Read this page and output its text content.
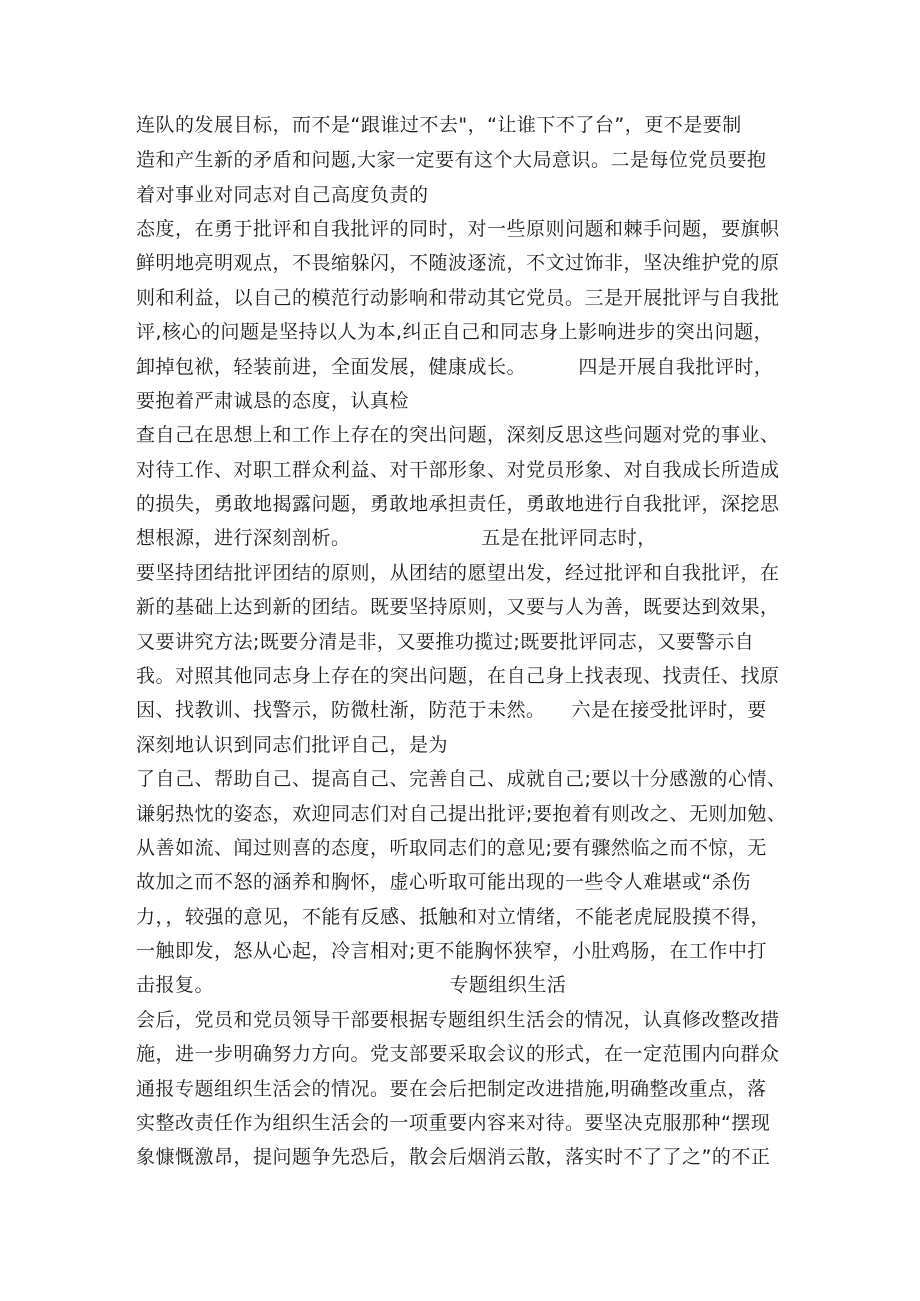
连队的发展目标，而不是“跟谁过不去"，“让谁下不了台”，更不是要制
造和产生新的矛盾和问题,大家一定要有这个大局意识。二是每位党员要抱
着对事业对同志对自己高度负责的
态度，在勇于批评和自我批评的同时，对一些原则问题和棘手问题，要旗帜
鲜明地亮明观点，不畏缩躲闪，不随波逐流，不文过饰非，坚决维护党的原
则和利益，以自己的模范行动影响和带动其它党员。三是开展批评与自我批
评,核心的问题是坚持以人为本,纠正自己和同志身上影响进步的突出问题，
卸掉包袱，轻装前进，全面发展，健康成长。        四是开展自我批评时，
要抱着严肃诚恳的态度，认真检
查自己在思想上和工作上存在的突出问题，深刻反思这些问题对党的事业、
对待工作、对职工群众利益、对干部形象、对党员形象、对自我成长所造成
的损失，勇敢地揭露问题，勇敢地承担责任，勇敢地进行自我批评，深挖思
想根源，进行深刻剖析。                    五是在批评同志时，
要坚持团结批评团结的原则，从团结的愿望出发，经过批评和自我批评，在
新的基础上达到新的团结。既要坚持原则，又要与人为善，既要达到效果，
又要讲究方法;既要分清是非，又要推功揽过;既要批评同志，又要警示自
我。对照其他同志身上存在的突出问题，在自己身上找表现、找责任、找原
因、找教训、找警示，防微杜渐，防范于未然。    六是在接受批评时，要
深刻地认识到同志们批评自己，是为
了自己、帮助自己、提高自己、完善自己、成就自己;要以十分感激的心情、
谦躬热忱的姿态，欢迎同志们对自己提出批评;要抱着有则改之、无则加勉、
从善如流、闻过则喜的态度，听取同志们的意见;要有骤然临之而不惊，无
故加之而不怒的涵养和胸怀，虚心听取可能出现的一些令人难堪或“杀伤
力，，较强的意见，不能有反感、抵触和对立情绪，不能老虎屁股摸不得，
一触即发，怒从心起，冷言相对;更不能胸怀狭窄，小肚鸡肠，在工作中打
击报复。                                    专题组织生活
会后，党员和党员领导干部要根据专题组织生活会的情况，认真修改整改措
施，进一步明确努力方向。党支部要采取会议的形式，在一定范围内向群众
通报专题组织生活会的情况。要在会后把制定改进措施,明确整改重点，落
实整改责任作为组织生活会的一项重要内容来对待。要坚决克服那种“摆现
象慷慨激昂，提问题争先恐后，散会后烟消云散，落实时不了了之”的不正
